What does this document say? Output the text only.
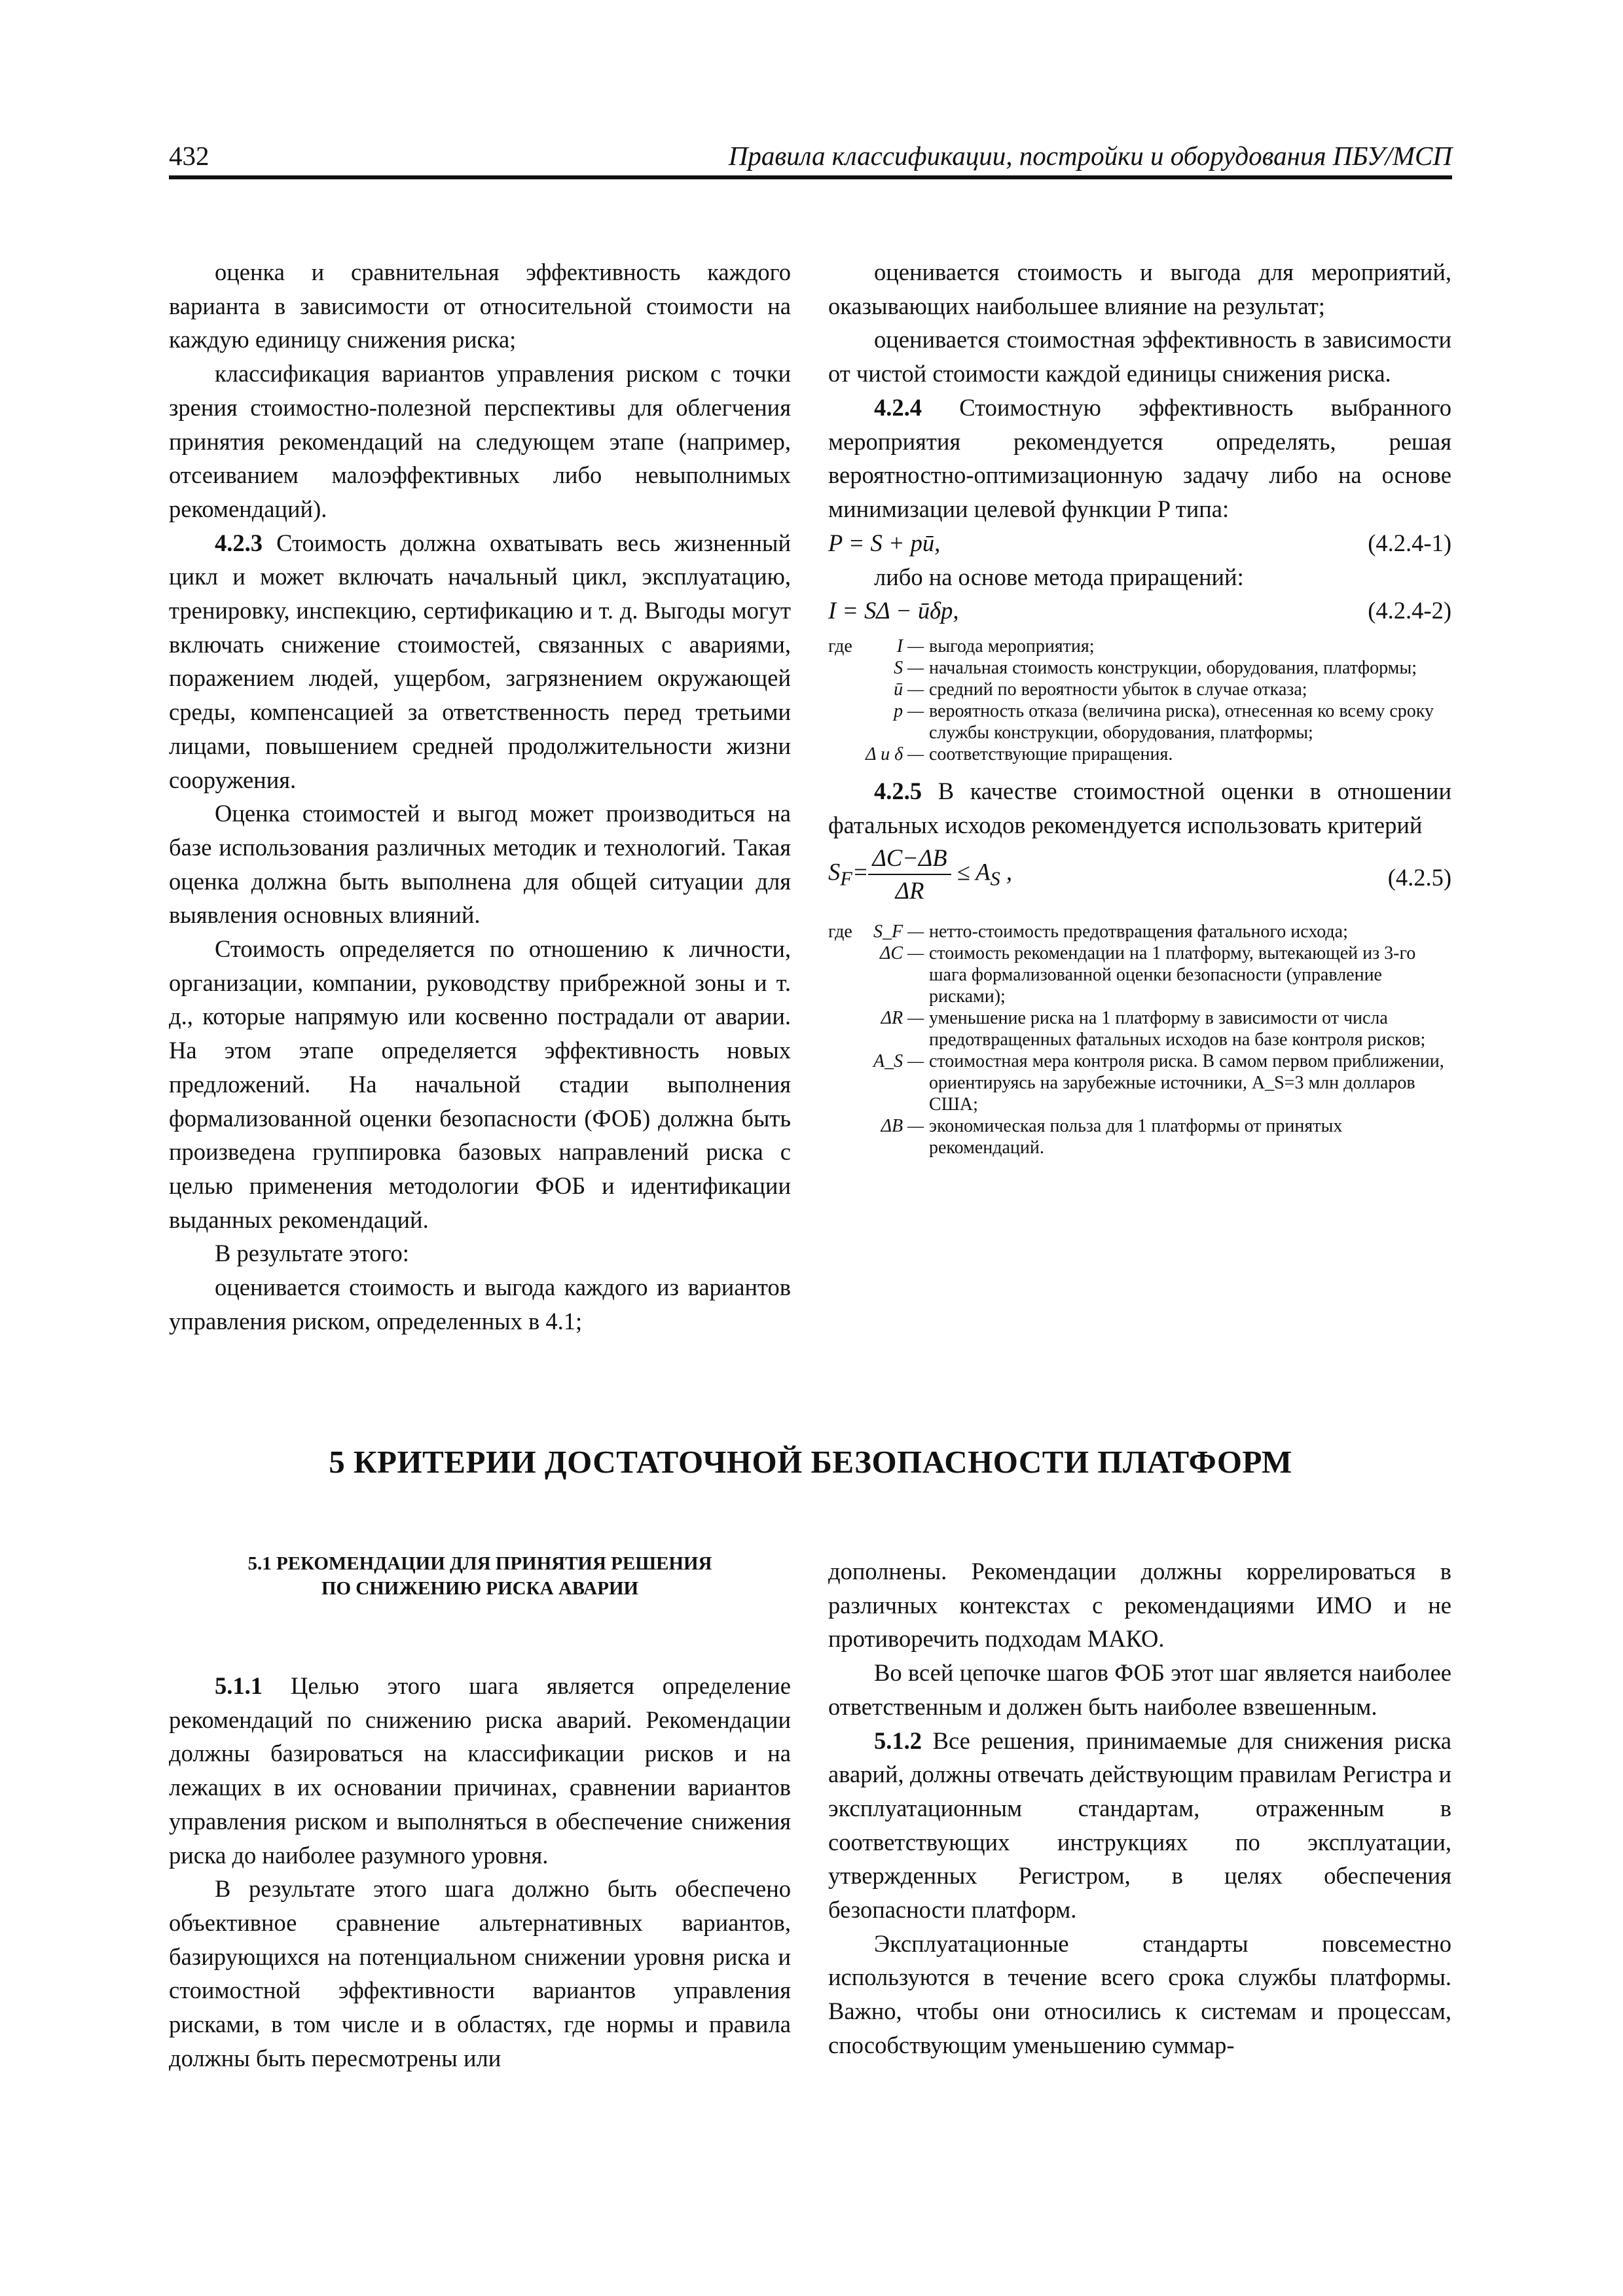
432	Правила классификации, постройки и оборудования ПБУ/МСП

оценка и сравнительная эффективность каждого варианта в зависимости от относительной стоимости на каждую единицу снижения риска;

классификация вариантов управления риском с точки зрения стоимостно-полезной перспективы для облегчения принятия рекомендаций на следующем этапе (например, отсеиванием малоэффективных либо невыполнимых рекомендаций).

4.2.3 Стоимость должна охватывать весь жизненный цикл и может включать начальный цикл, эксплуатацию, тренировку, инспекцию, сертификацию и т. д. Выгоды могут включать снижение стоимостей, связанных с авариями, поражением людей, ущербом, загрязнением окружающей среды, компенсацией за ответственность перед третьими лицами, повышением средней продолжительности жизни сооружения.

Оценка стоимостей и выгод может производиться на базе использования различных методик и технологий. Такая оценка должна быть выполнена для общей ситуации для выявления основных влияний.

Стоимость определяется по отношению к личности, организации, компании, руководству прибрежной зоны и т. д., которые напрямую или косвенно пострадали от аварии. На этом этапе определяется эффективность новых предложений. На начальной стадии выполнения формализованной оценки безопасности (ФОБ) должна быть произведена группировка базовых направлений риска с целью применения методологии ФОБ и идентификации выданных рекомендаций.

В результате этого:

оценивается стоимость и выгода каждого из вариантов управления риском, определенных в 4.1;

оценивается стоимость и выгода для мероприятий, оказывающих наибольшее влияние на результат;

оценивается стоимостная эффективность в зависимости от чистой стоимости каждой единицы снижения риска.

4.2.4 Стоимостную эффективность выбранного мероприятия рекомендуется определять, решая вероятностно-оптимизационную задачу либо на основе минимизации целевой функции P типа:

P = S + pū,	(4.2.4-1)

либо на основе метода приращений:

I = SΔ − ūδp,	(4.2.4-2)
где	I — выгода мероприятия;
S — начальная стоимость конструкции, оборудования, платформы;
ū — средний по вероятности убыток в случае отказа;
p — вероятность отказа (величина риска), отнесенная ко всему сроку службы конструкции, оборудования, платформы;
Δ и δ — соответствующие приращения.

4.2.5 В качестве стоимостной оценки в отношении фатальных исходов рекомендуется использовать критерий

$S_F= \frac{\Delta C-\Delta B}{\Delta R} \le A_S$ ,	(4.2.5)
где	S_F — нетто-стоимость предотвращения фатального исхода;
ΔC — стоимость рекомендации на 1 платформу, вытекающей из 3-го шага формализованной оценки безопасности (управление рисками);
ΔR — уменьшение риска на 1 платформу в зависимости от числа предотвращенных фатальных исходов на базе контроля рисков;
A_S — стоимостная мера контроля риска. В самом первом приближении, ориентируясь на зарубежные источники, A_S=3 млн долларов США;
ΔB — экономическая польза для 1 платформы от принятых рекомендаций.
5 КРИТЕРИИ ДОСТАТОЧНОЙ БЕЗОПАСНОСТИ ПЛАТФОРМ
5.1 РЕКОМЕНДАЦИИ ДЛЯ ПРИНЯТИЯ РЕШЕНИЯ
ПО СНИЖЕНИЮ РИСКА АВАРИИ

5.1.1 Целью этого шага является определение рекомендаций по снижению риска аварий. Рекомендации должны базироваться на классификации рисков и на лежащих в их основании причинах, сравнении вариантов управления риском и выполняться в обеспечение снижения риска до наиболее разумного уровня.

В результате этого шага должно быть обеспечено объективное сравнение альтернативных вариантов, базирующихся на потенциальном снижении уровня риска и стоимостной эффективности вариантов управления рисками, в том числе и в областях, где нормы и правила должны быть пересмотрены или

дополнены. Рекомендации должны коррелироваться в различных контекстах с рекомендациями ИМО и не противоречить подходам МАКО.

Во всей цепочке шагов ФОБ этот шаг является наиболее ответственным и должен быть наиболее взвешенным.

5.1.2 Все решения, принимаемые для снижения риска аварий, должны отвечать действующим правилам Регистра и эксплуатационным стандартам, отраженным в соответствующих инструкциях по эксплуатации, утвержденных Регистром, в целях обеспечения безопасности платформ.

Эксплуатационные стандарты повсеместно используются в течение всего срока службы платформы. Важно, чтобы они относились к системам и процессам, способствующим уменьшению суммар-
